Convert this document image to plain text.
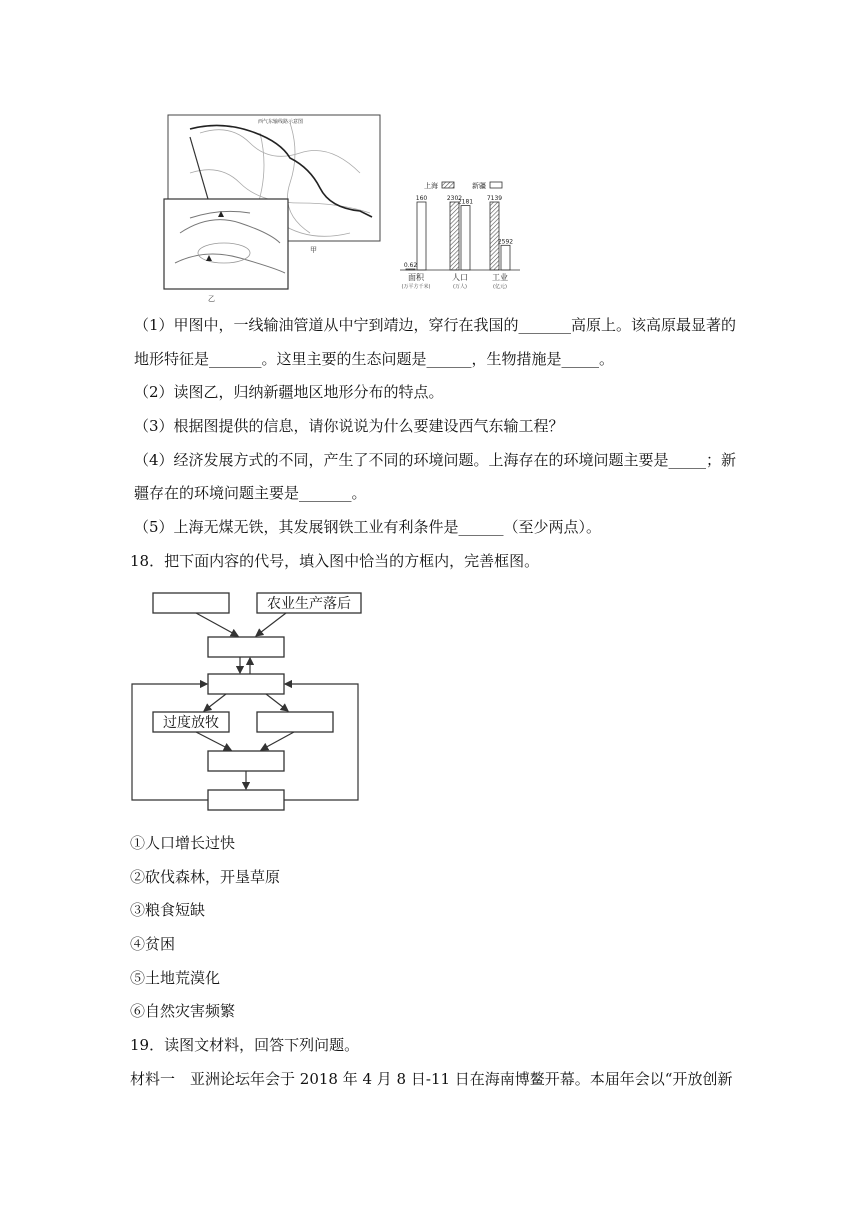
西气东输线路示意图
甲
乙
上海	新疆
0.62
160
面积
(万平方千米)
2302
2181
人口
(万人)
7139
2592
工业
(亿元)
（1）甲图中，一线输油管道从中宁到靖边，穿行在我国的_______高原上。该高原最显著的
地形特征是_______。这里主要的生态问题是______，生物措施是_____。
（2）读图乙，归纳新疆地区地形分布的特点。
（3）根据图提供的信息，请你说说为什么要建设西气东输工程？
（4）经济发展方式的不同，产生了不同的环境问题。上海存在的环境问题主要是_____；新
疆存在的环境问题主要是_______。
（5）上海无煤无铁，其发展钢铁工业有利条件是______（至少两点）。
18．把下面内容的代号，填入图中恰当的方框内，完善框图。
农业生产落后
过度放牧
①人口增长过快
②砍伐森林，开垦草原
③粮食短缺
④贫困
⑤土地荒漠化
⑥自然灾害频繁
19．读图文材料，回答下列问题。
材料一　亚洲论坛年会于 2018 年 4 月 8 日-11 日在海南博鳌开幕。本届年会以“开放创新
